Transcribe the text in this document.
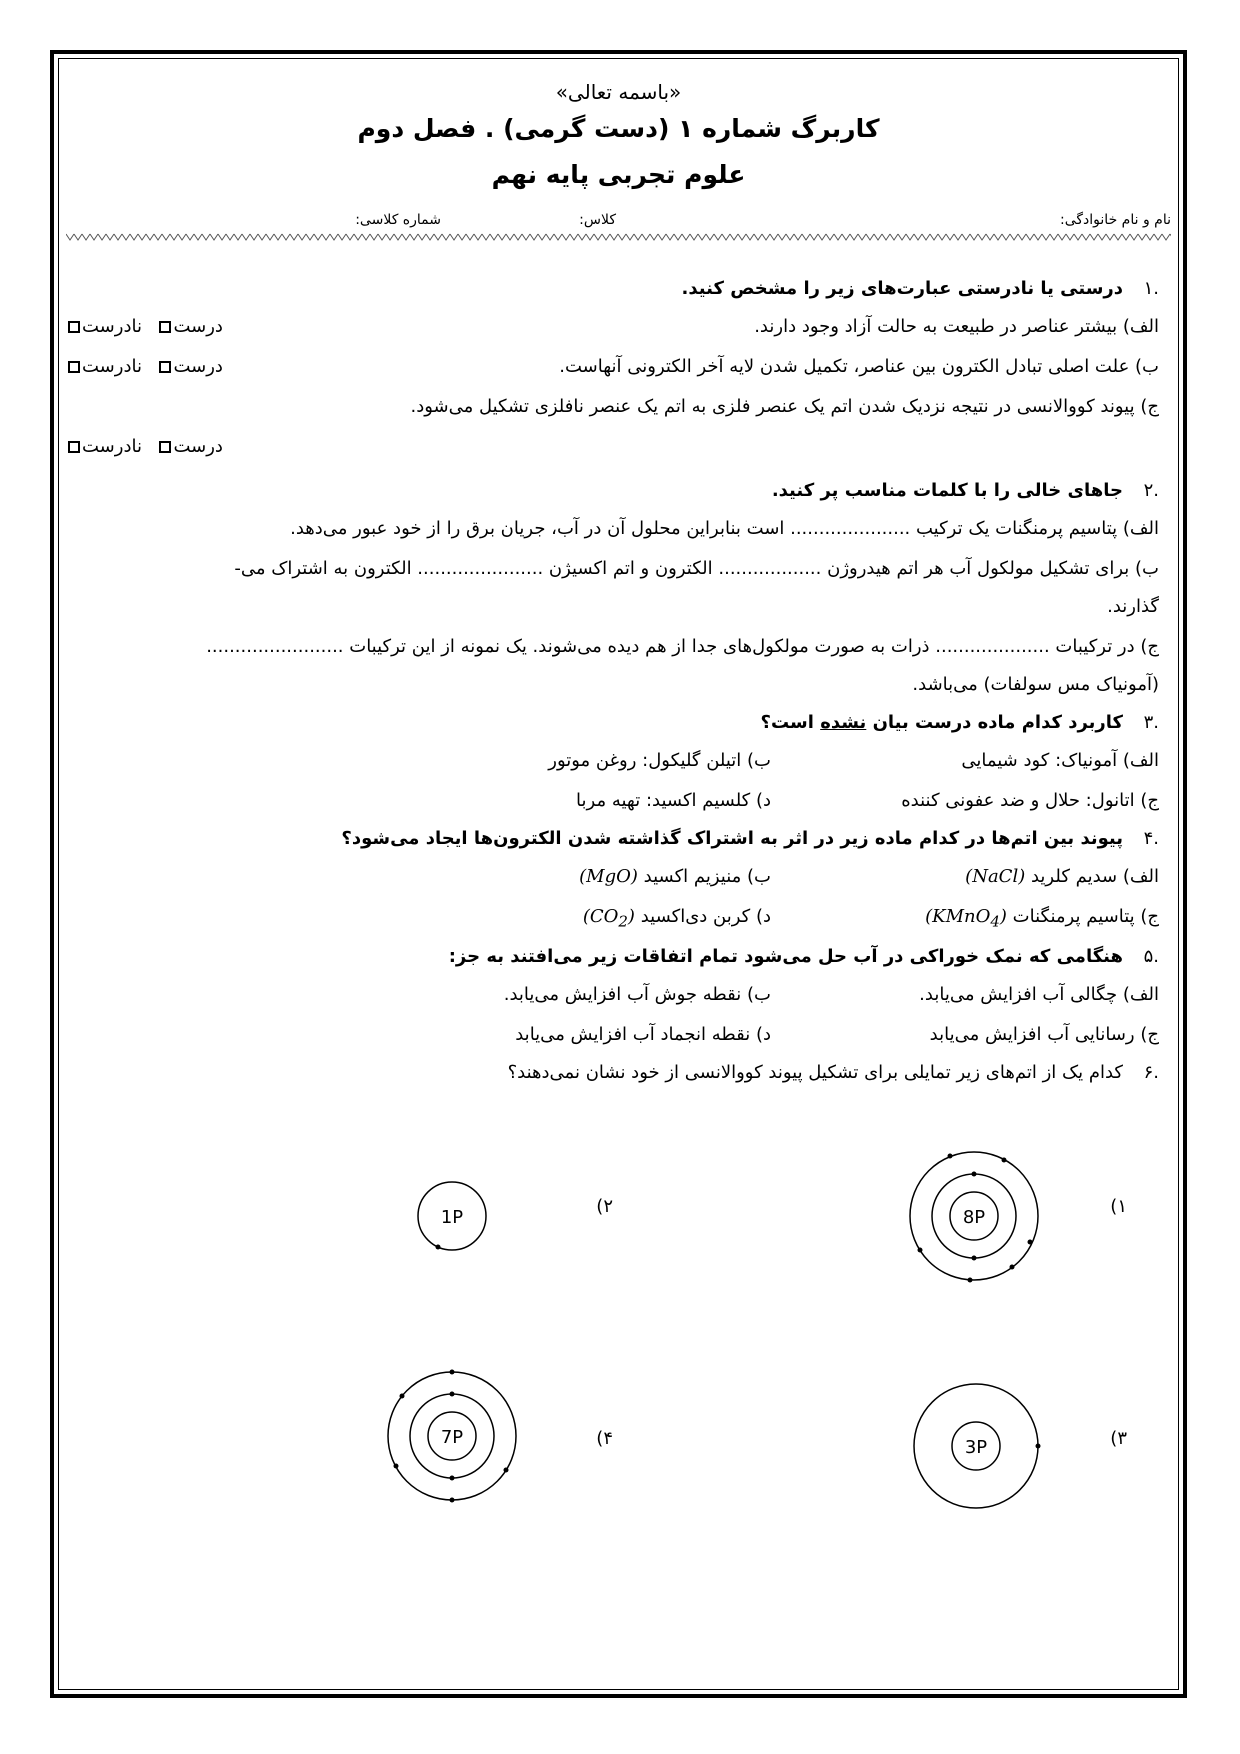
«باسمه تعالی»
کاربرگ شماره ۱ (دست گرمی) . فصل دوم
علوم تجربی پایه نهم
نام و نام خانوادگی:
کلاس:
شماره کلاسی:
.۱
درستی یا نادرستی عبارت‌های زیر را مشخص کنید.
الف) بیشتر عناصر در طبیعت به حالت آزاد وجود دارند.
درست  نادرست
ب) علت اصلی تبادل الکترون بین عناصر، تکمیل شدن لایه آخر الکترونی آنهاست.
درست  نادرست
ج) پیوند کووالانسی در نتیجه نزدیک شدن اتم یک عنصر فلزی به اتم یک عنصر نافلزی تشکیل می‌شود.
درست  نادرست
.۲
جاهای خالی را با کلمات مناسب پر کنید.
الف) پتاسیم پرمنگنات یک ترکیب ..................... است بنابراین محلول آن در آب، جریان برق را از خود عبور می‌دهد.
ب) برای تشکیل مولکول آب هر اتم هیدروژن .................. الکترون و اتم اکسیژن ...................... الکترون به اشتراک می-
گذارند.
ج) در ترکیبات .................... ذرات به صورت مولکول‌های جدا از هم دیده می‌شوند. یک نمونه از این ترکیبات ........................
(آمونیاک مس سولفات) می‌باشد.
.۳
کاربرد کدام ماده درست بیان نشده است؟
الف) آمونیاک: کود شیمایی
ب) اتیلن گلیکول: روغن موتور
ج) اتانول: حلال و ضد عفونی کننده
د) کلسیم اکسید: تهیه مربا
.۴
پیوند بین اتم‌ها در کدام ماده زیر در اثر به اشتراک گذاشته شدن الکترون‌ها ایجاد می‌شود؟
الف) سدیم کلرید (NaCl)
ب) منیزیم اکسید (MgO)
ج) پتاسیم پرمنگنات (KMnO$_4$)
د) کربن دی‌اکسید $(CO_2)$
.۵
هنگامی که نمک خوراکی در آب حل می‌شود تمام اتفاقات زیر می‌افتند به جز:
الف) چگالی آب افزایش می‌یابد.
ب) نقطه جوش آب افزایش می‌یابد.
ج) رسانایی آب افزایش می‌یابد
د) نقطه انجماد آب افزایش می‌یابد
.۶
کدام یک از اتم‌های زیر تمایلی برای تشکیل پیوند کووالانسی از خود نشان نمی‌دهند؟
۱)
8P
۲)
1P
۳)
3P
۴)
7P
